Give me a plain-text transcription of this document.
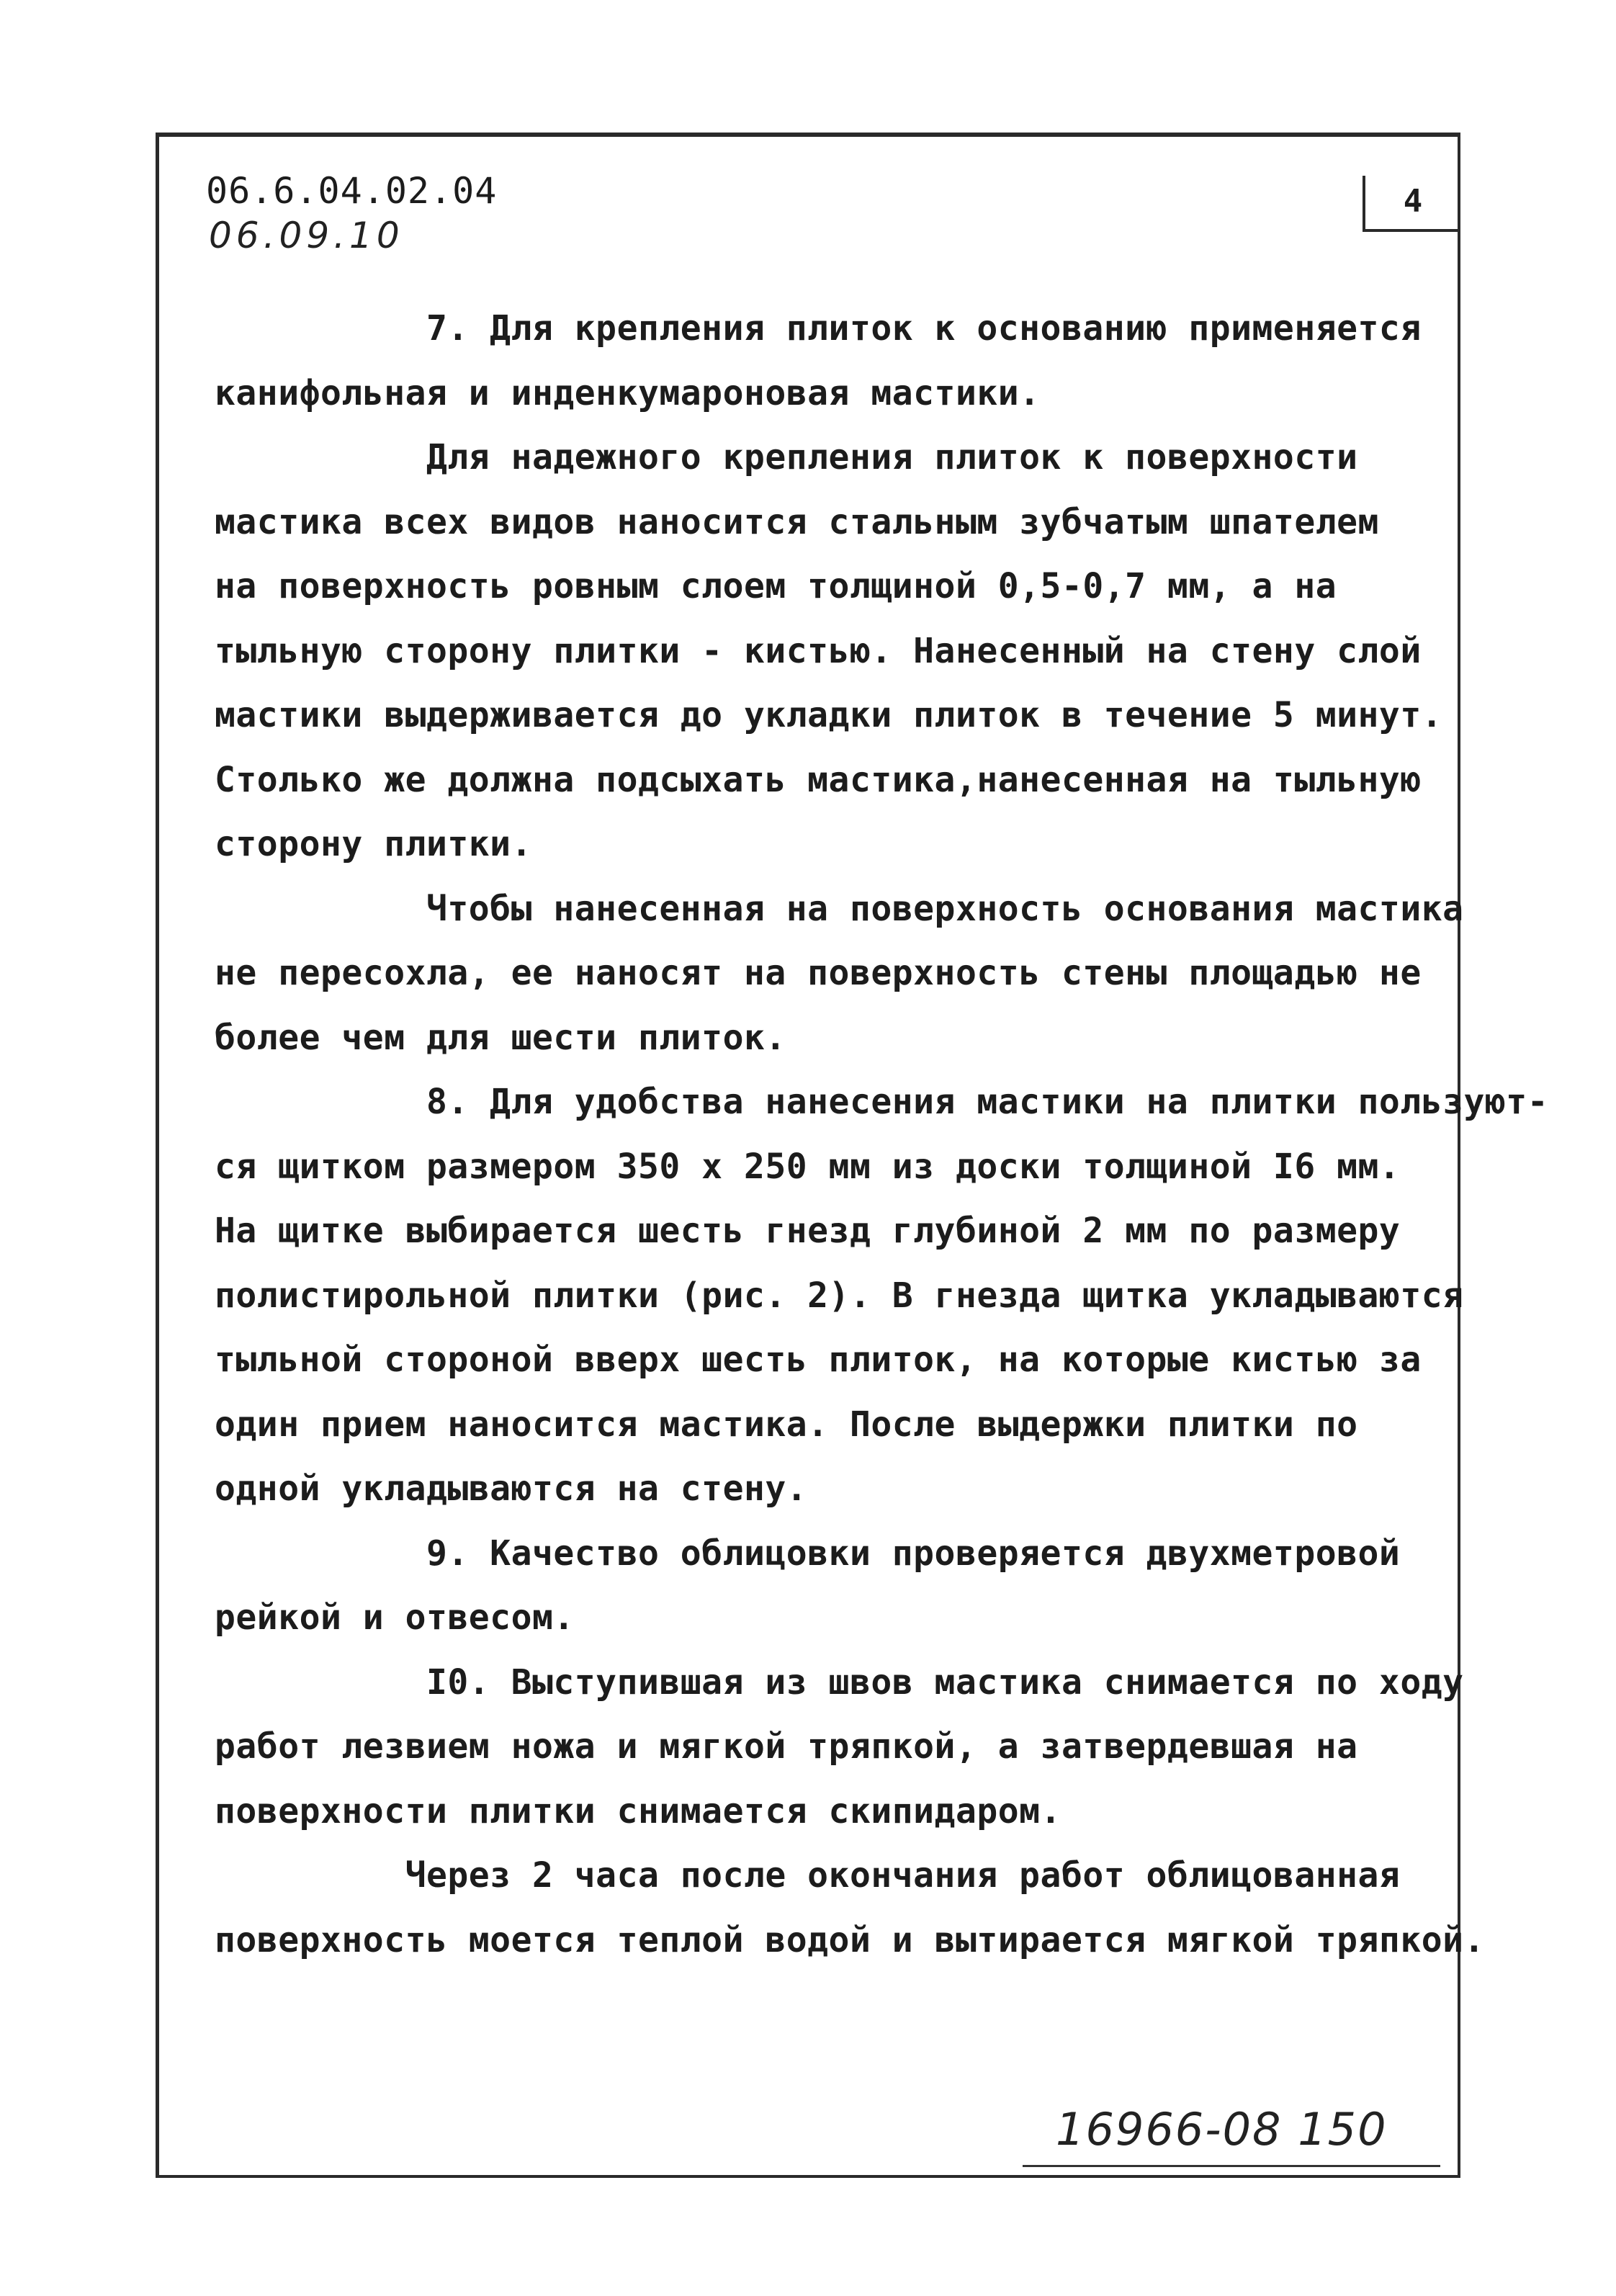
06.6.04.02.04
06.09.10
4
7. Для крепления плиток к основанию применяется
канифольная и инденкумароновая мастики.
Для надежного крепления плиток к поверхности
мастика всех видов наносится стальным зубчатым шпателем
на поверхность ровным слоем толщиной 0,5-0,7 мм, а на
тыльную сторону плитки - кистью. Нанесенный на стену слой
мастики выдерживается до укладки плиток в течение 5 минут.
Столько же должна подсыхать мастика,нанесенная на тыльную
сторону плитки.
Чтобы нанесенная на поверхность основания мастика
не пересохла, ее наносят на поверхность стены площадью не
более чем для шести плиток.
8. Для удобства нанесения мастики на плитки пользуют-
ся щитком размером 350 х 250 мм из доски толщиной I6 мм.
На щитке выбирается шесть гнезд глубиной 2 мм по размеру
полистирольной плитки (рис. 2). В гнезда щитка укладываются
тыльной стороной вверх шесть плиток, на которые кистью за
один прием наносится мастика. После выдержки плитки по
одной укладываются на стену.
9. Качество облицовки проверяется двухметровой
рейкой и отвесом.
I0. Выступившая из швов мастика снимается по ходу
работ лезвием ножа и мягкой тряпкой, а затвердевшая на
поверхности плитки снимается скипидаром.
Через 2 часа после окончания работ облицованная
поверхность моется теплой водой и вытирается мягкой тряпкой.
16966-08 150
